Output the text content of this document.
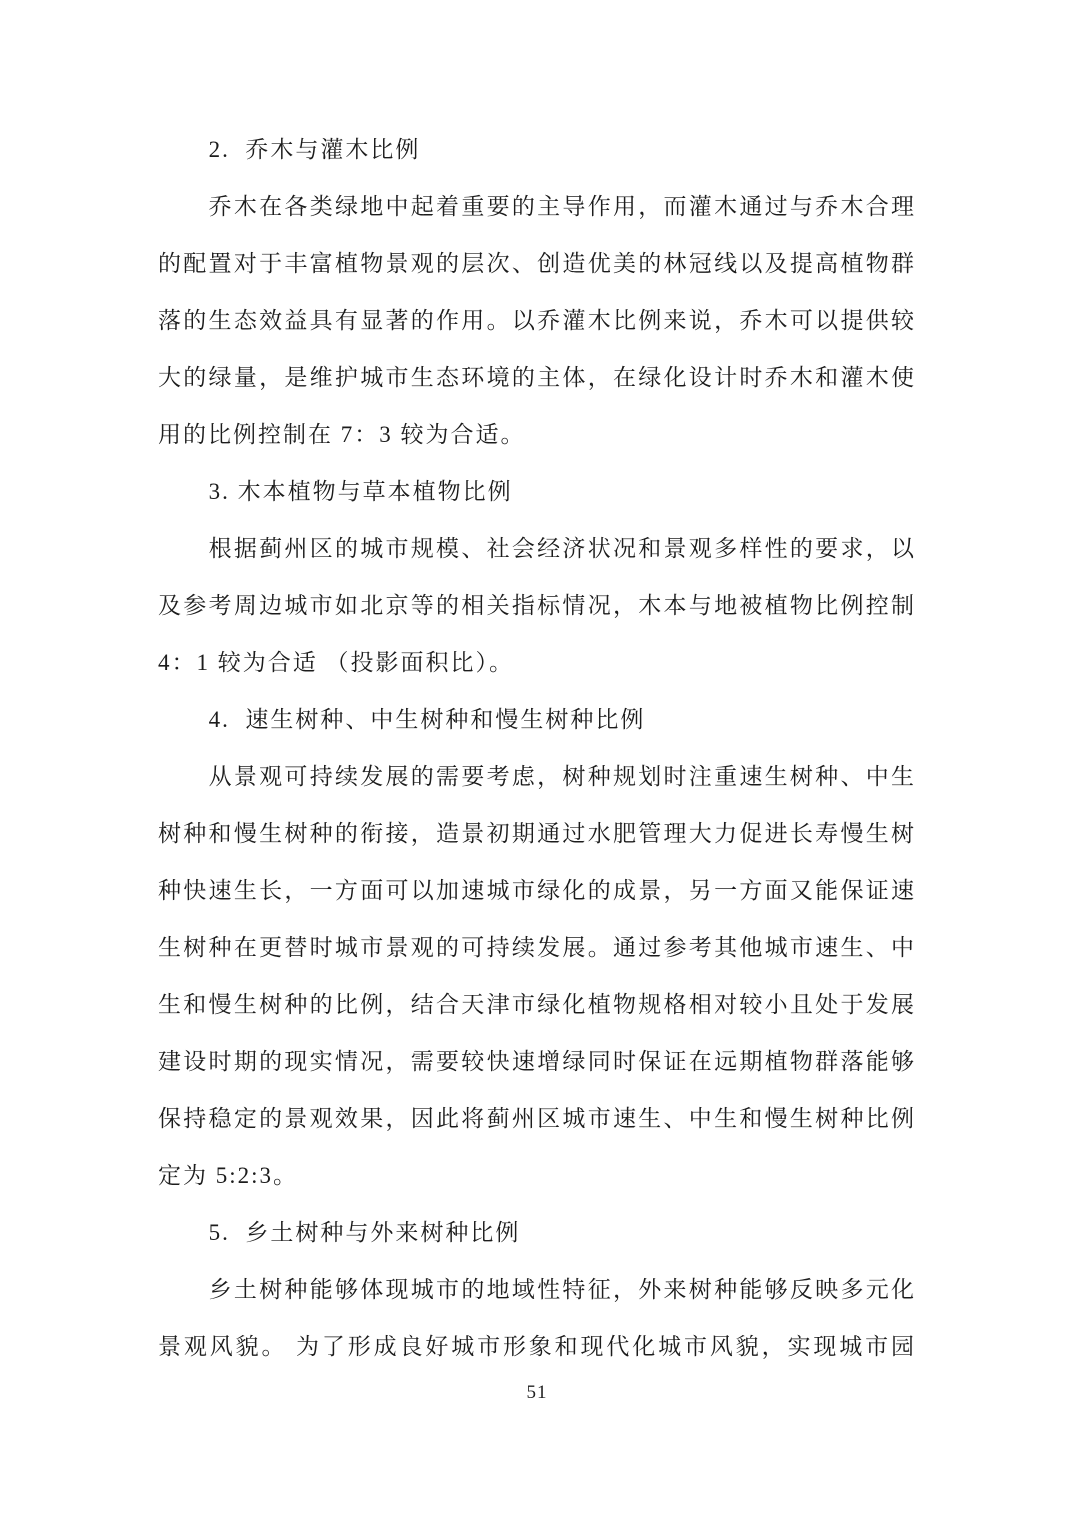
2.  乔木与灌木比例
乔木在各类绿地中起着重要的主导作用，而灌木通过与乔木合理
的配置对于丰富植物景观的层次、创造优美的林冠线以及提高植物群
落的生态效益具有显著的作用。以乔灌木比例来说，乔木可以提供较
大的绿量，是维护城市生态环境的主体，在绿化设计时乔木和灌木使
用的比例控制在 7：3 较为合适。
3. 木本植物与草本植物比例
根据蓟州区的城市规模、社会经济状况和景观多样性的要求，以
及参考周边城市如北京等的相关指标情况，木本与地被植物比例控制
4：1 较为合适 （投影面积比）。
4.  速生树种、中生树种和慢生树种比例
从景观可持续发展的需要考虑，树种规划时注重速生树种、中生
树种和慢生树种的衔接，造景初期通过水肥管理大力促进长寿慢生树
种快速生长，一方面可以加速城市绿化的成景，另一方面又能保证速
生树种在更替时城市景观的可持续发展。通过参考其他城市速生、中
生和慢生树种的比例，结合天津市绿化植物规格相对较小且处于发展
建设时期的现实情况，需要较快速增绿同时保证在远期植物群落能够
保持稳定的景观效果，因此将蓟州区城市速生、中生和慢生树种比例
定为 5:2:3。
5.  乡土树种与外来树种比例
乡土树种能够体现城市的地域性特征，外来树种能够反映多元化
景观风貌。 为了形成良好城市形象和现代化城市风貌，实现城市园
51
